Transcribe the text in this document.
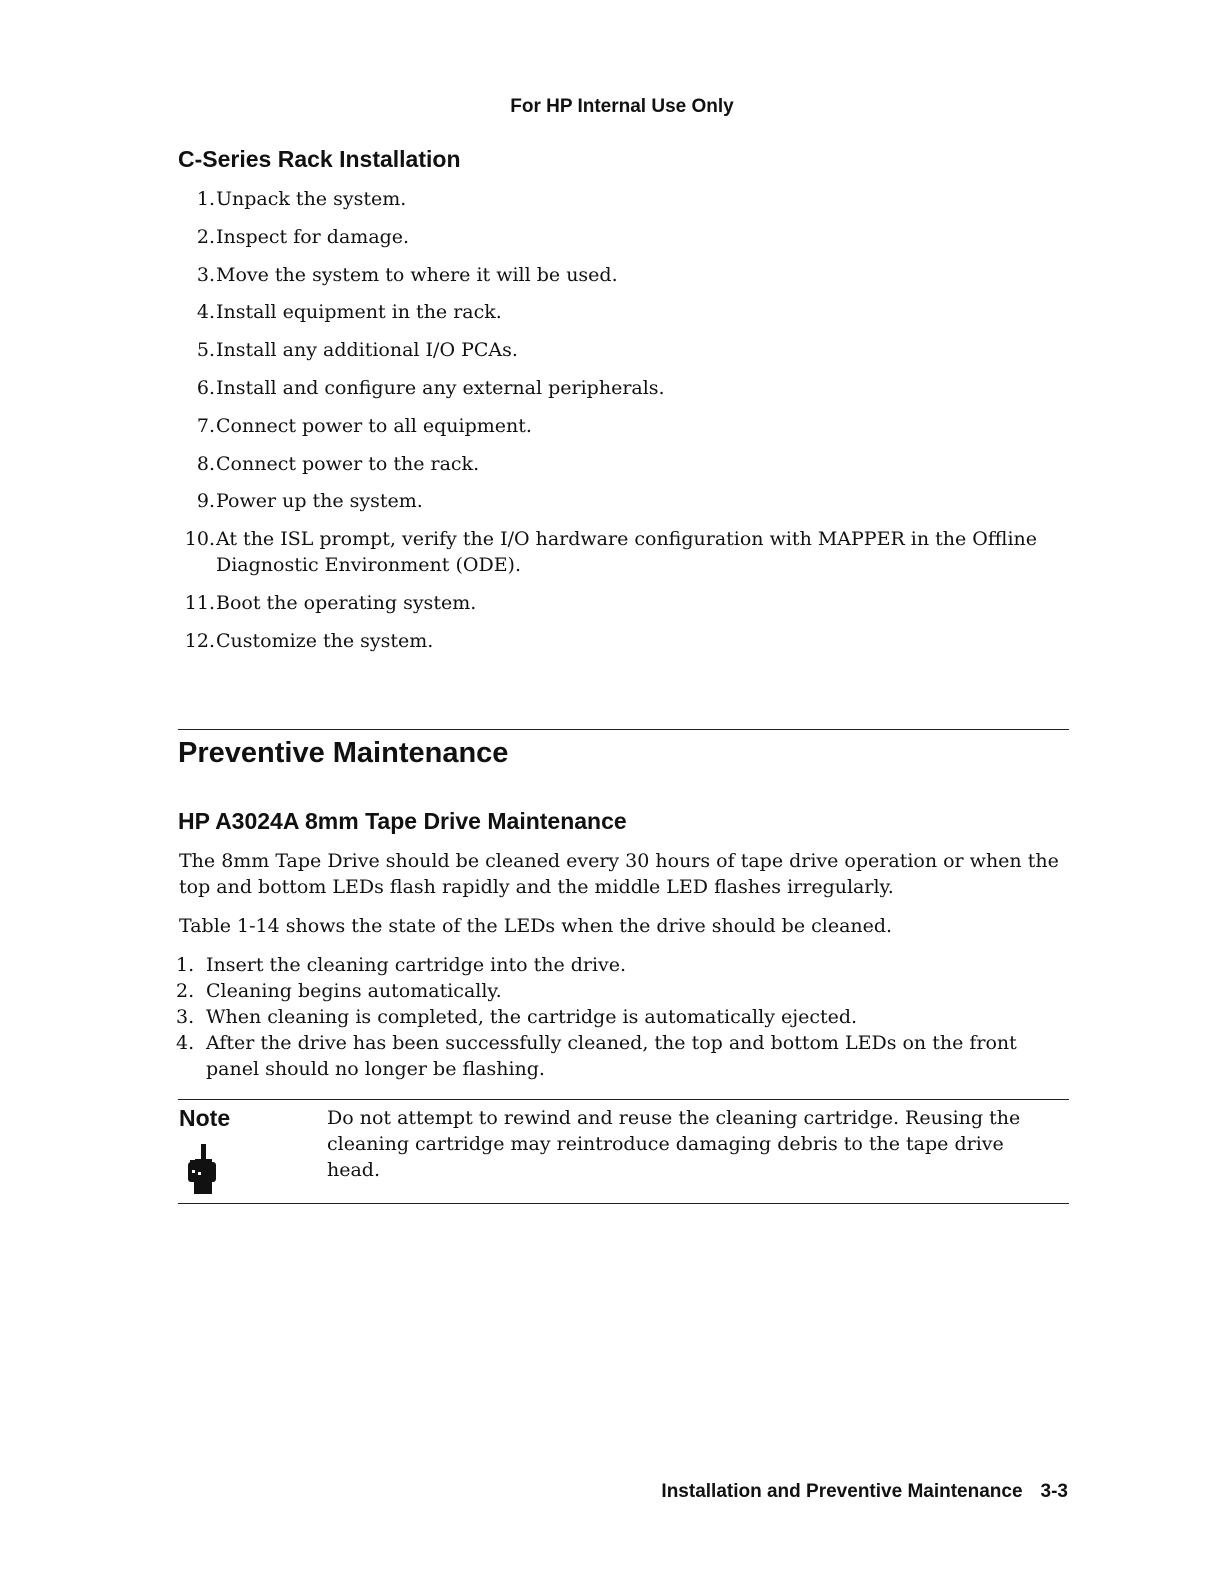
For HP Internal Use Only
C-Series Rack Installation
1. Unpack the system.
2. Inspect for damage.
3. Move the system to where it will be used.
4. Install equipment in the rack.
5. Install any additional I/O PCAs.
6. Install and configure any external peripherals.
7. Connect power to all equipment.
8. Connect power to the rack.
9. Power up the system.
10. At the ISL prompt, verify the I/O hardware configuration with MAPPER in the Offline Diagnostic Environment (ODE).
11. Boot the operating system.
12. Customize the system.
Preventive Maintenance
HP A3024A 8mm Tape Drive Maintenance

The 8mm Tape Drive should be cleaned every 30 hours of tape drive operation or when the top and bottom LEDs flash rapidly and the middle LED flashes irregularly.

Table 1-14 shows the state of the LEDs when the drive should be cleaned.

1. Insert the cleaning cartridge into the drive.
2. Cleaning begins automatically.
3. When cleaning is completed, the cartridge is automatically ejected.
4. After the drive has been successfully cleaned, the top and bottom LEDs on the front panel should no longer be flashing.
Note	Do not attempt to rewind and reuse the cleaning cartridge. Reusing the cleaning cartridge may reintroduce damaging debris to the tape drive head.

Installation and Preventive Maintenance 3-3
